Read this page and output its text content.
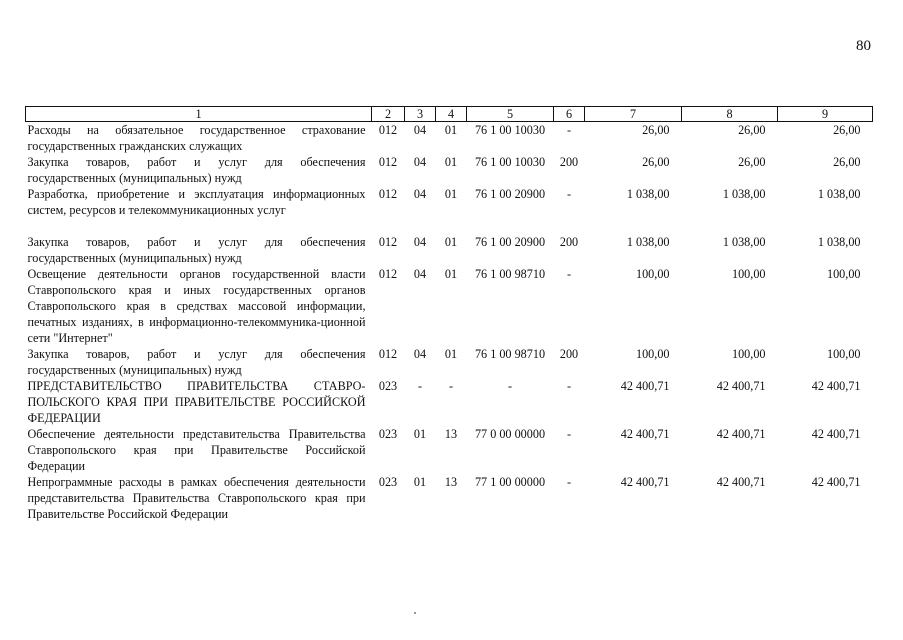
80
1	2	3	4	5	6	7	8	9
Расходы на обязательное государственное страхование государственных гражданских служащих	012	04	01	76 1 00 10030	-	26,00	26,00	26,00
Закупка товаров, работ и услуг для обеспечения государственных (муниципальных) нужд	012	04	01	76 1 00 10030	200	26,00	26,00	26,00
Разработка, приобретение и эксплуатация информационных систем, ресурсов и телекоммуникационных услуг	012	04	01	76 1 00 20900	-	1 038,00	1 038,00	1 038,00

Закупка товаров, работ и услуг для обеспечения государственных (муниципальных) нужд	012	04	01	76 1 00 20900	200	1 038,00	1 038,00	1 038,00
Освещение деятельности органов государственной власти Ставропольского края и иных государственных органов Ставропольского края в средствах массовой информации, печатных изданиях, в информационно-телекоммуника-ционной сети "Интернет"	012	04	01	76 1 00 98710	-	100,00	100,00	100,00
Закупка товаров, работ и услуг для обеспечения государственных (муниципальных) нужд	012	04	01	76 1 00 98710	200	100,00	100,00	100,00
ПРЕДСТАВИТЕЛЬСТВО ПРАВИТЕЛЬСТВА СТАВРО-ПОЛЬСКОГО КРАЯ ПРИ ПРАВИТЕЛЬСТВЕ РОССИЙСКОЙ ФЕДЕРАЦИИ	023	-	-	-	-	42 400,71	42 400,71	42 400,71
Обеспечение деятельности представительства Правительства Ставропольского края при Правительстве Российской Федерации	023	01	13	77 0 00 00000	-	42 400,71	42 400,71	42 400,71
Непрограммные расходы в рамках обеспечения деятельности представительства Правительства Ставропольского края при Правительстве Российской Федерации	023	01	13	77 1 00 00000	-	42 400,71	42 400,71	42 400,71
